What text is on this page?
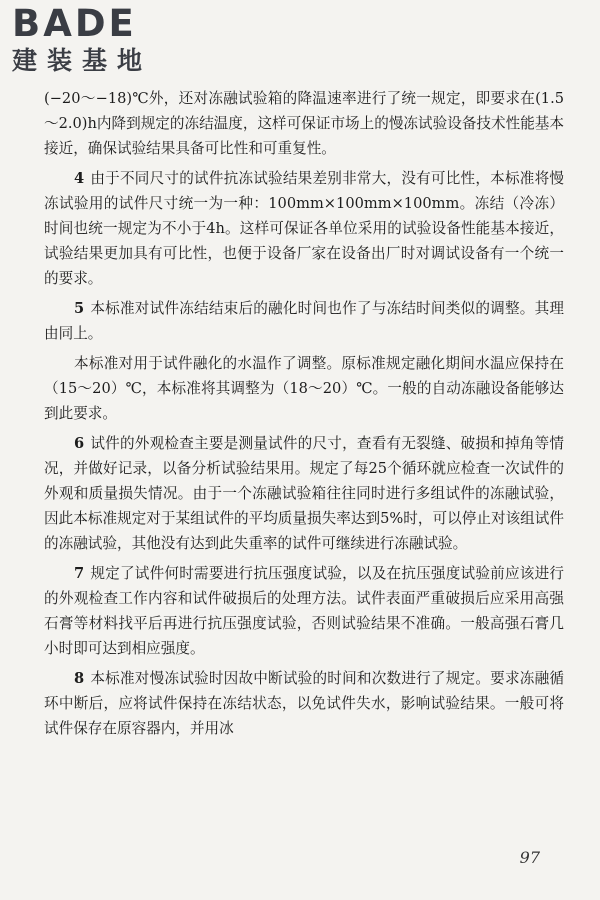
BADE
建装基地

(−20～−18)℃外，还对冻融试验箱的降温速率进行了统一规定，即要求在(1.5～2.0)h内降到规定的冻结温度，这样可保证市场上的慢冻试验设备技术性能基本接近，确保试验结果具备可比性和可重复性。

4 由于不同尺寸的试件抗冻试验结果差别非常大，没有可比性，本标准将慢冻试验用的试件尺寸统一为一种：100mm×100mm×100mm。冻结（冷冻）时间也统一规定为不小于4h。这样可保证各单位采用的试验设备性能基本接近，试验结果更加具有可比性，也便于设备厂家在设备出厂时对调试设备有一个统一的要求。

5 本标准对试件冻结结束后的融化时间也作了与冻结时间类似的调整。其理由同上。

本标准对用于试件融化的水温作了调整。原标准规定融化期间水温应保持在（15～20）℃，本标准将其调整为（18～20）℃。一般的自动冻融设备能够达到此要求。

6 试件的外观检查主要是测量试件的尺寸，查看有无裂缝、破损和掉角等情况，并做好记录，以备分析试验结果用。规定了每25个循环就应检查一次试件的外观和质量损失情况。由于一个冻融试验箱往往同时进行多组试件的冻融试验，因此本标准规定对于某组试件的平均质量损失率达到5%时，可以停止对该组试件的冻融试验，其他没有达到此失重率的试件可继续进行冻融试验。

7 规定了试件何时需要进行抗压强度试验，以及在抗压强度试验前应该进行的外观检查工作内容和试件破损后的处理方法。试件表面严重破损后应采用高强石膏等材料找平后再进行抗压强度试验，否则试验结果不准确。一般高强石膏几小时即可达到相应强度。

8 本标准对慢冻试验时因故中断试验的时间和次数进行了规定。要求冻融循环中断后，应将试件保持在冻结状态，以免试件失水，影响试验结果。一般可将试件保存在原容器内，并用冰

97
